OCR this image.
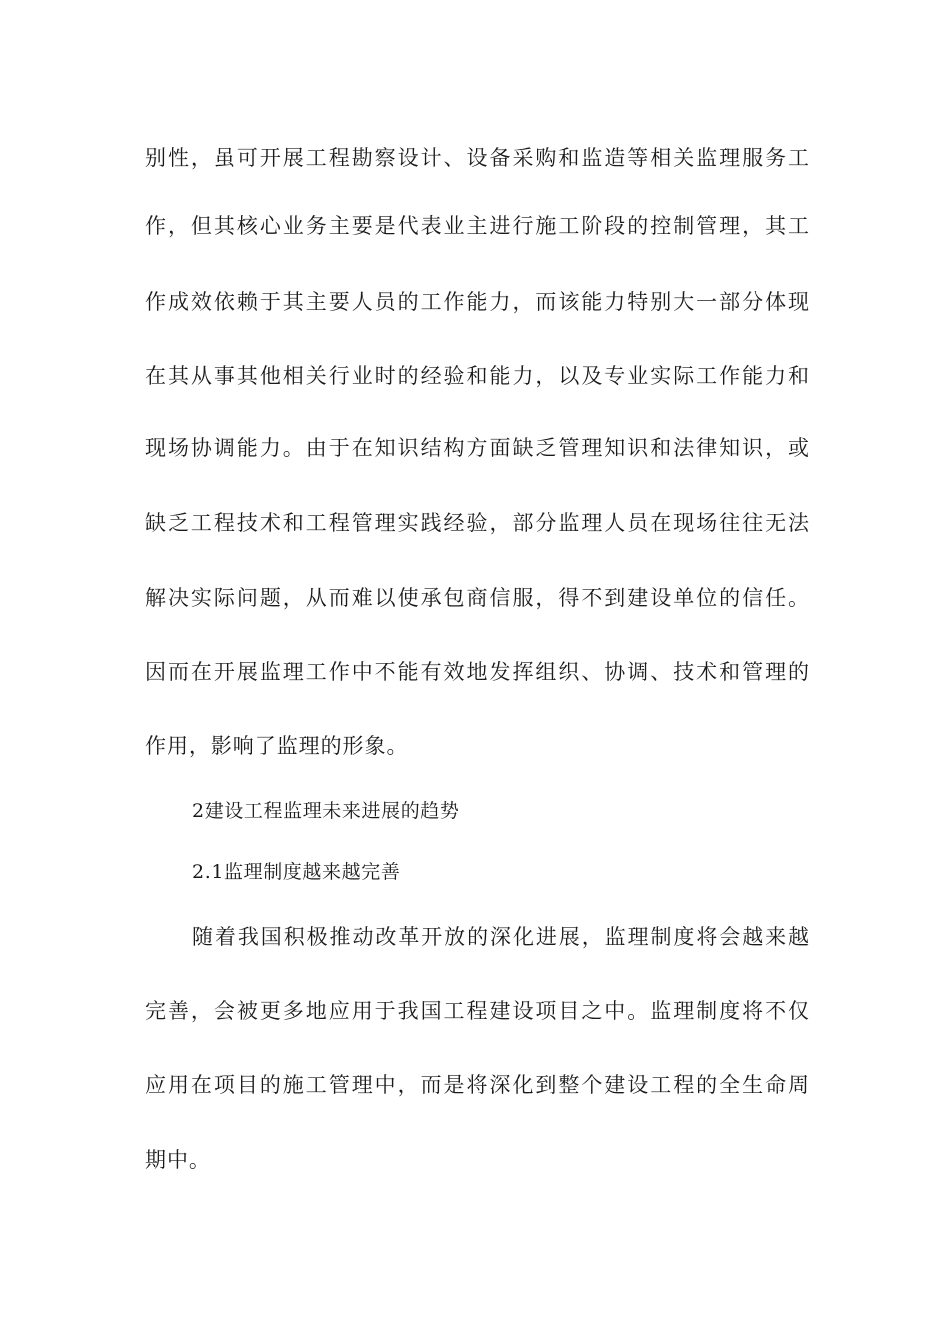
别性，虽可开展工程勘察设计、设备采购和监造等相关监理服务工
作，但其核心业务主要是代表业主进行施工阶段的控制管理，其工
作成效依赖于其主要人员的工作能力，而该能力特别大一部分体现
在其从事其他相关行业时的经验和能力，以及专业实际工作能力和
现场协调能力。由于在知识结构方面缺乏管理知识和法律知识，或
缺乏工程技术和工程管理实践经验，部分监理人员在现场往往无法
解决实际问题，从而难以使承包商信服，得不到建设单位的信任。
因而在开展监理工作中不能有效地发挥组织、协调、技术和管理的
作用，影响了监理的形象。
2建设工程监理未来进展的趋势
2.1监理制度越来越完善
随着我国积极推动改革开放的深化进展，监理制度将会越来越
完善，会被更多地应用于我国工程建设项目之中。监理制度将不仅
应用在项目的施工管理中，而是将深化到整个建设工程的全生命周
期中。
